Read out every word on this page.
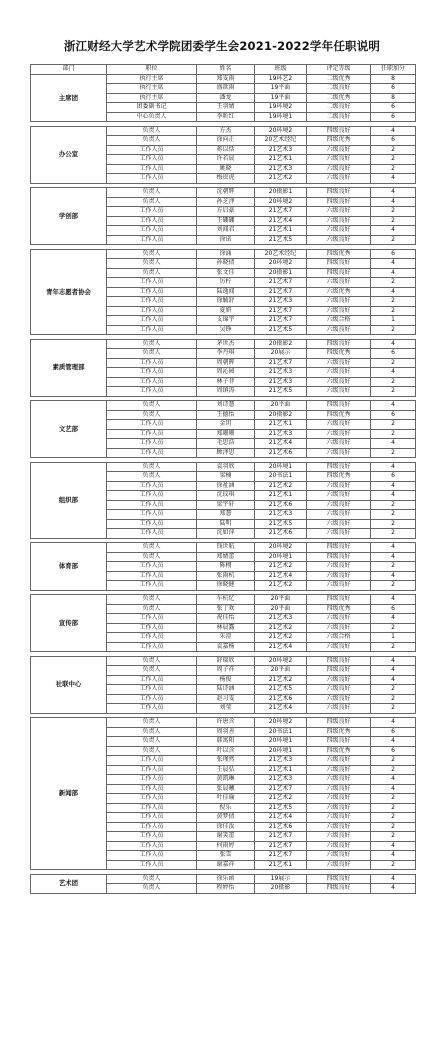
浙江财经大学艺术学院团委学生会2021-2022学年任职说明
部门	职位	姓名	班级	评定等级	任职加分
主席团	执行主席	郑雯雨	19环艺2	二级优秀	8
	执行主席	盛歆雨	19平面	二级良好	6
	执行主席	潘龙	19平面	二级优秀	8
	团委副书记	王羽婧	19环境2	二级良好	6
	中心负责人	李昕红	19环境1	二级良好	6

办公室	负责人	方杰	20环境2	四级良好	4
	负责人	徐向正	20艺术经纪	四级优秀	6
	工作人员	蒋以恬	21艺术3	六级良好	2
	工作人员	许若宸	21艺术1	六级良好	2
	工作人员	姚晓	21艺术3	六级良好	2
	工作人员	梅贵虎	21艺术2	六级良好	4

学创部	负责人	沈朝辉	20摄影1	四级良好	4
	负责人	孙芝泽	20环境2	四级良好	4
	工作人员	方启豪	21艺术7	六级良好	2
	工作人员	王硼硼	21艺术4	六级良好	2
	工作人员	刘闻君	21艺术1	六级良好	4
	工作人员	徐诺	21艺术5	六级良好	2

青年志愿者协会	负责人	徐涌	20艺术经纪	四级优秀	6
	负责人	孙晓倩	20环境2	四级良好	4
	负责人	张文佳	20摄影1	四级良好	4
	工作人员	厉柠	21艺术7	六级良好	2
	工作人员	陆逸闻	21艺术7	六级优秀	4
	工作人员	徐毓舒	21艺术3	六级良好	2
	工作人员	夏妍	21艺术7	六级良好	2
	工作人员	支锦宇	21艺术7	六级合格	1
	工作人员	吴铮	21艺术5	六级良好	2

素质管理部	负责人	茅世杰	20摄影2	四级良好	4
	负责人	李丹琪	20展示	四级优秀	6
	工作人员	周朝晖	21艺术7	六级良好	2
	工作人员	周沁园	21艺术3	六级良好	4
	工作人员	林子菲	21艺术3	六级良好	2
	工作人员	周镇涛	21艺术5	六级良好	2

文艺部	负责人	刘诗慧	20平面	四级良好	4
	负责人	王德怡	20摄影2	四级优秀	6
	工作人员	金玥	21艺术1	六级良好	2
	工作人员	郑珊珊	21艺术3	六级良好	2
	工作人员	毛思浩	21艺术4	六级良好	4
	工作人员	顾泽思	21艺术6	六级良好	2

组织部	负责人	袁羽欣	20环境1	四级良好	4
	负责人	梁楠	20书法1	四级优秀	6
	工作人员	徐祉涵	21艺术2	六级良好	4
	工作人员	沈玟琪	21艺术1	六级良好	4
	工作人员	梁宇轩	21艺术6	六级良好	2
	工作人员	郑慧	21艺术3	六级良好	2
	工作人员	陆明	21艺术5	六级良好	2
	工作人员	沈如萍	21艺术6	六级良好	2

体育部	负责人	钱世航	20环境2	四级良好	4
	负责人	郑婧蕾	20环境1	四级良好	4
	工作人员	陈栩	21艺术2	六级良好	2
	工作人员	张雨杭	21艺术4	六级良好	4
	工作人员	徐晓健	21艺术2	六级良好	2

宣传部	负责人	车杭忆	20平面	四级良好	4
	负责人	张丁欢	20平面	四级优秀	6
	工作人员	祝佳怡	21艺术3	六级良好	4
	工作人员	林晨露	21艺术2	六级良好	2
	工作人员	朱澄	21艺术2	六级合格	1
	工作人员	袁嘉杨	21艺术4	六级良好	2

社联中心	负责人	舒瑞欣	20环境2	四级良好	4
	负责人	周子祥	20平面	四级良好	4
	工作人员	杨俊	21艺术2	六级良好	4
	工作人员	陆诗涵	21艺术5	六级良好	2
	工作人员	赵习雯	21艺术6	六级良好	2
	工作人员	刘莹	21艺术4	六级良好	2

新闻部	负责人	许唐含	20环境2	四级良好	4
	负责人	周羽善	20书法1	四级优秀	6
	负责人	韩寓阳	20环境1	四级良好	4
	负责人	叶以含	20环境1	四级优秀	6
	工作人员	张瑾然	21艺术3	六级良好	2
	工作人员	王晨弘	21艺术1	六级良好	2
	工作人员	黄凯琳	21艺术3	六级良好	4
	工作人员	张晨曦	21艺术7	六级良好	4
	工作人员	叶佳瑜	21艺术2	六级良好	2
	工作人员	倪乐	21艺术5	六级良好	2
	工作人员	黄梦倩	21艺术4	六级良好	2
	工作人员	徐佳汝	21艺术6	六级良好	2
	工作人员	谢笑蕾	21艺术7	六级良好	2
	工作人员	何雨婷	21艺术7	六级良好	4
	工作人员	张雪	21艺术7	六级良好	4
	工作人员	谢嘉祥	21艺术1	六级良好	2

艺术团	负责人	徐乐函	19展示	四级良好	4
	负责人	程婷怡	20摄影	四级良好	4
